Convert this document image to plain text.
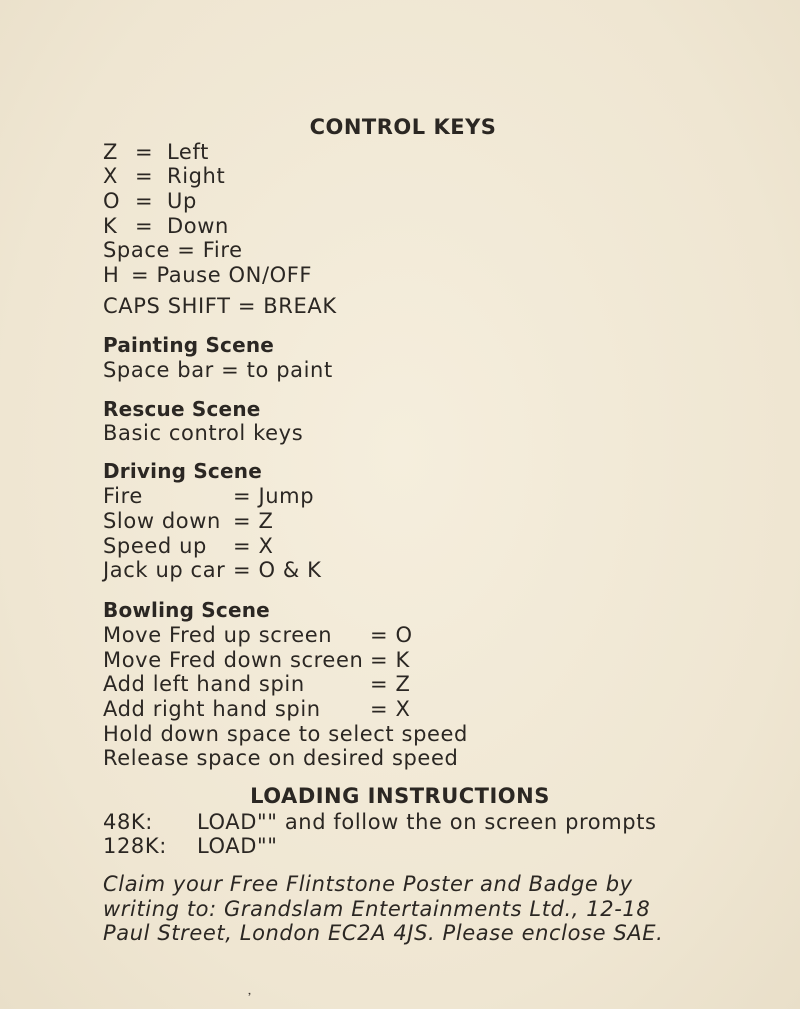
CONTROL KEYS
Z = Left
X = Right
O = Up
K = Down
Space = Fire
H = Pause ON/OFF
CAPS SHIFT = BREAK
Painting Scene
Space bar = to paint
Rescue Scene
Basic control keys
Driving Scene
Fire	= Jump
Slow down = Z
Speed up = X
Jack up car = O & K
Bowling Scene
Move Fred up screen = O
Move Fred down screen = K
Add left hand spin	= Z
Add right hand spin = X
Hold down space to select speed
Release space on desired speed
LOADING INSTRUCTIONS
48K: LOAD"" and follow the on screen prompts
128K: LOAD""
Claim your Free Flintstone Poster and Badge by
writing to: Grandslam Entertainments Ltd., 12-18
Paul Street, London EC2A 4JS. Please enclose SAE.
᾿
